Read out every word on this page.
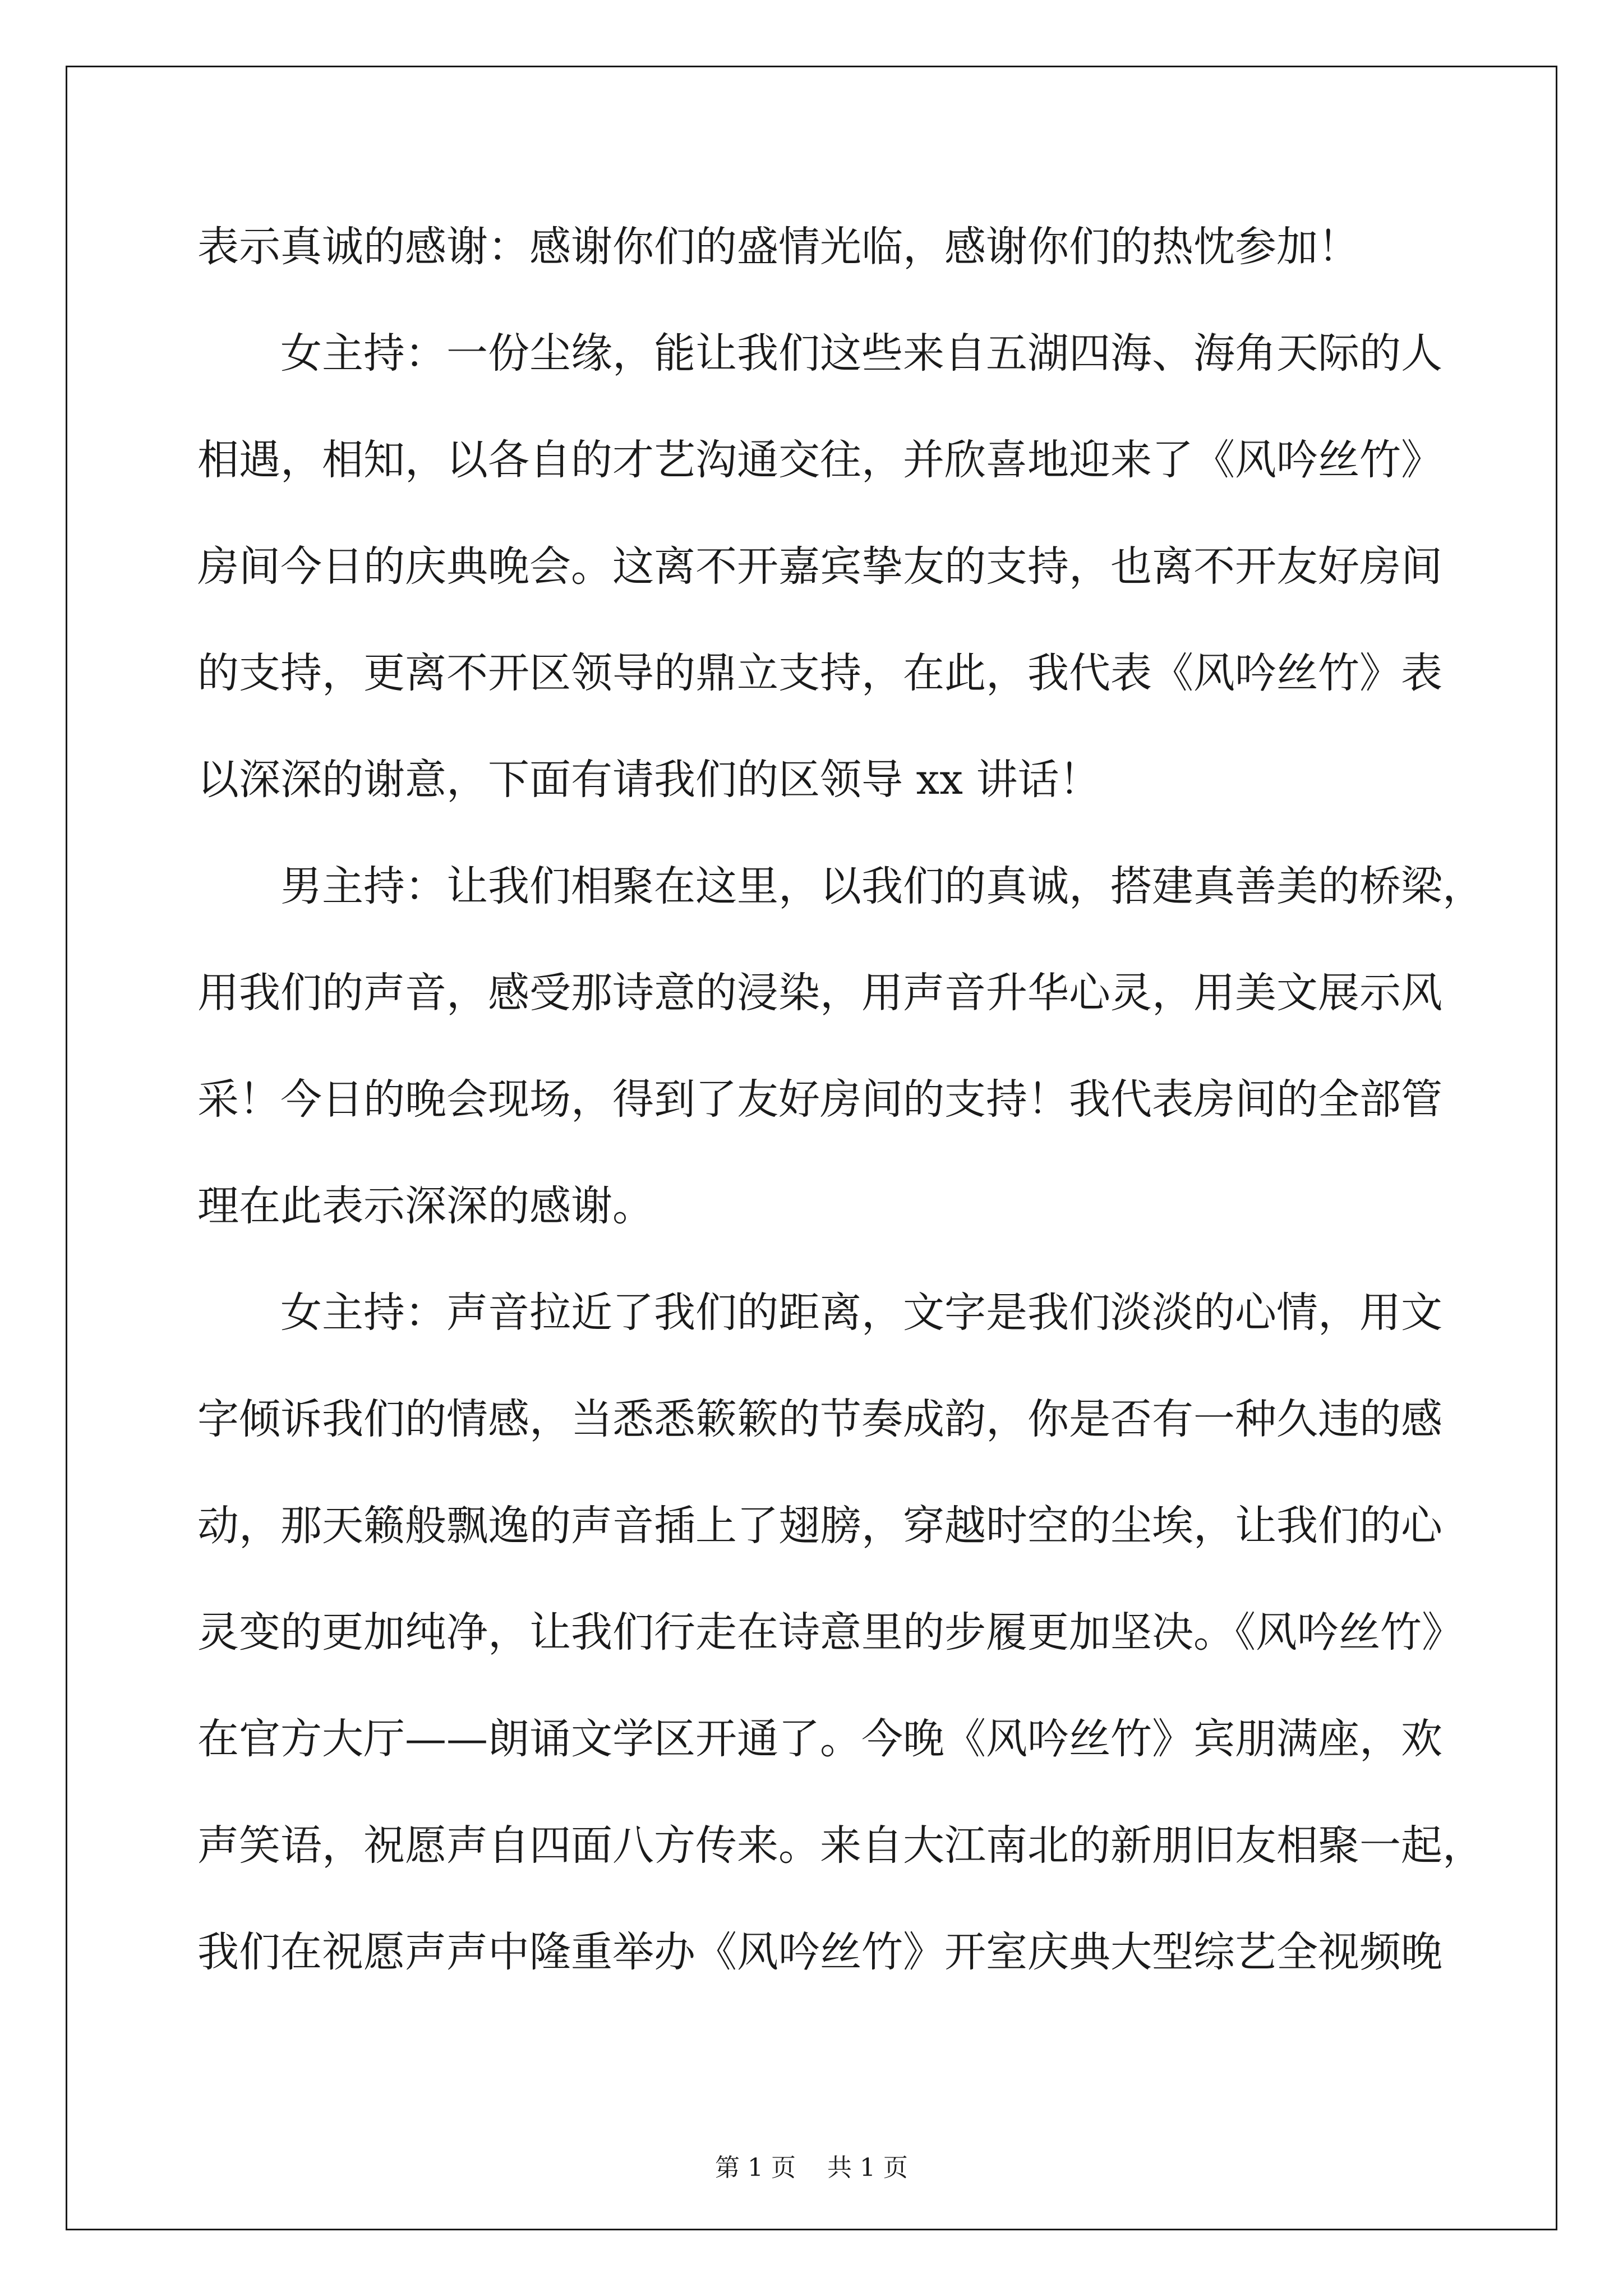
表示真诚的感谢：感谢你们的盛情光临，感谢你们的热忱参加！
女主持：一份尘缘，能让我们这些来自五湖四海、海角天际的人
相遇，相知，以各自的才艺沟通交往，并欣喜地迎来了《风吟丝竹》
房间今日的庆典晚会。这离不开嘉宾挚友的支持，也离不开友好房间
的支持，更离不开区领导的鼎立支持，在此，我代表《风吟丝竹》表
以深深的谢意，下面有请我们的区领导 xx 讲话！
男主持：让我们相聚在这里，以我们的真诚，搭建真善美的桥梁，
用我们的声音，感受那诗意的浸染，用声音升华心灵，用美文展示风
采！今日的晚会现场，得到了友好房间的支持！我代表房间的全部管
理在此表示深深的感谢。
女主持：声音拉近了我们的距离，文字是我们淡淡的心情，用文
字倾诉我们的情感，当悉悉簌簌的节奏成韵，你是否有一种久违的感
动，那天籁般飘逸的声音插上了翅膀，穿越时空的尘埃，让我们的心
灵变的更加纯净，让我们行走在诗意里的步履更加坚决。《风吟丝竹》
在官方大厅——朗诵文学区开通了。今晚《风吟丝竹》宾朋满座，欢
声笑语，祝愿声自四面八方传来。来自大江南北的新朋旧友相聚一起，
我们在祝愿声声中隆重举办《风吟丝竹》开室庆典大型综艺全视频晚
第 1 页    共 1 页
